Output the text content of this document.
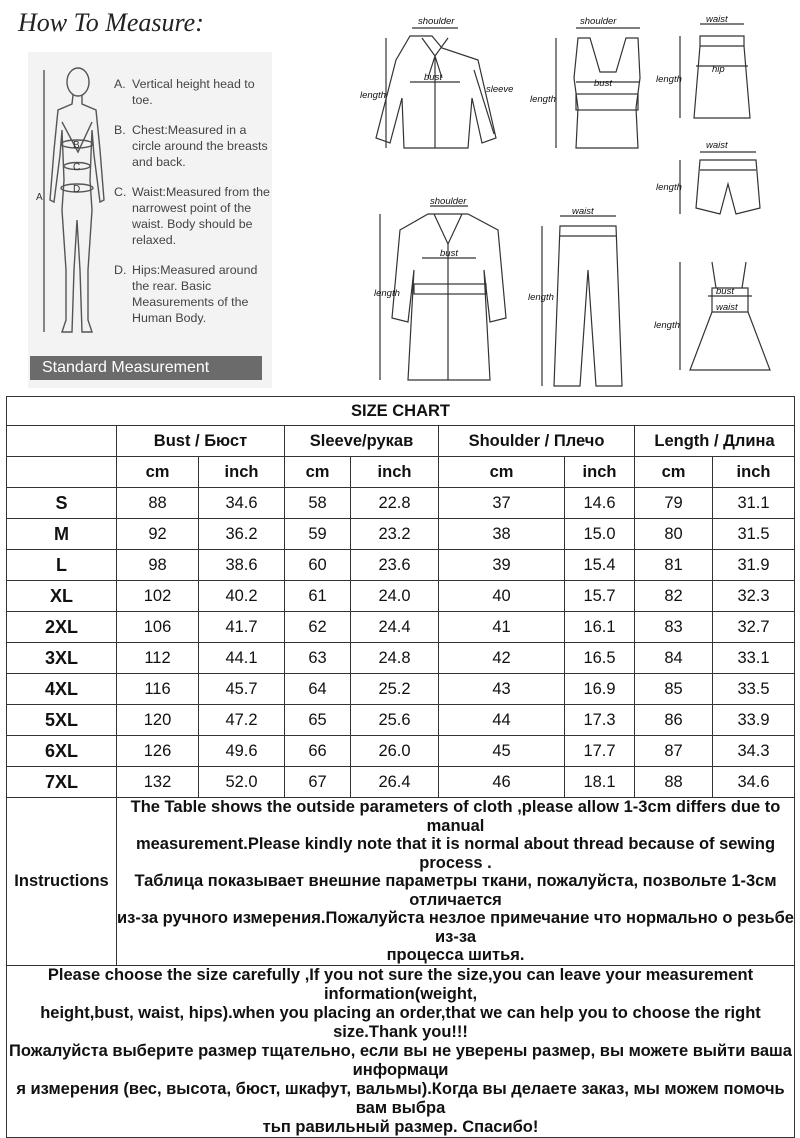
How To Measure:
A
B
C
D
A. Vertical height head to toe.
B. Chest:Measured in a circle around the breasts and back.
C. Waist:Measured from the narrowest point of the waist. Body should be relaxed.
D. Hips:Measured around the rear. Basic Measurements of the Human Body.
Standard Measurement
shoulder
bust
sleeve
length
shoulder
bust
length
waist
hip
length
waist
length
shoulder
bust
length
waist
length
bust
waist
length
SIZE CHART								
	Bust / Бюст		Sleeve/рукав		Shoulder / Плечо		Length / Длина	
	cm	inch	cm	inch	cm	inch	cm	inch
S	88	34.6	58	22.8	37	14.6	79	31.1
M	92	36.2	59	23.2	38	15.0	80	31.5
L	98	38.6	60	23.6	39	15.4	81	31.9
XL	102	40.2	61	24.0	40	15.7	82	32.3
2XL	106	41.7	62	24.4	41	16.1	83	32.7
3XL	112	44.1	63	24.8	42	16.5	84	33.1
4XL	116	45.7	64	25.2	43	16.9	85	33.5
5XL	120	47.2	65	25.6	44	17.3	86	33.9
6XL	126	49.6	66	26.0	45	17.7	87	34.3
7XL	132	52.0	67	26.4	46	18.1	88	34.6
Instructions	The Table shows the outside parameters of cloth ,please allow 1-3cm differs due to manual
measurement.Please kindly note that it is normal about thread because of sewing process .
Таблица показывает внешние параметры ткани, пожалуйста, позвольте 1-3см отличается
из-за ручного измерения.Пожалуйста незлое примечание что нормально о резьбе из-за
процесса шитья.							

Please choose the size carefully ,If you not sure the size,you can leave your measurement information(weight,
height,bust, waist, hips).when you placing an order,that we can help you to choose the right size.Thank you!!!
Пожалуйста выберите размер тщательно, если вы не уверены размер, вы можете выйти ваша информаци
я измерения (вес, высота, бюст, шкафут, вальмы).Когда вы делаете заказ, мы можем помочь вам выбра
тьп равильный размер. Спасибо!								
